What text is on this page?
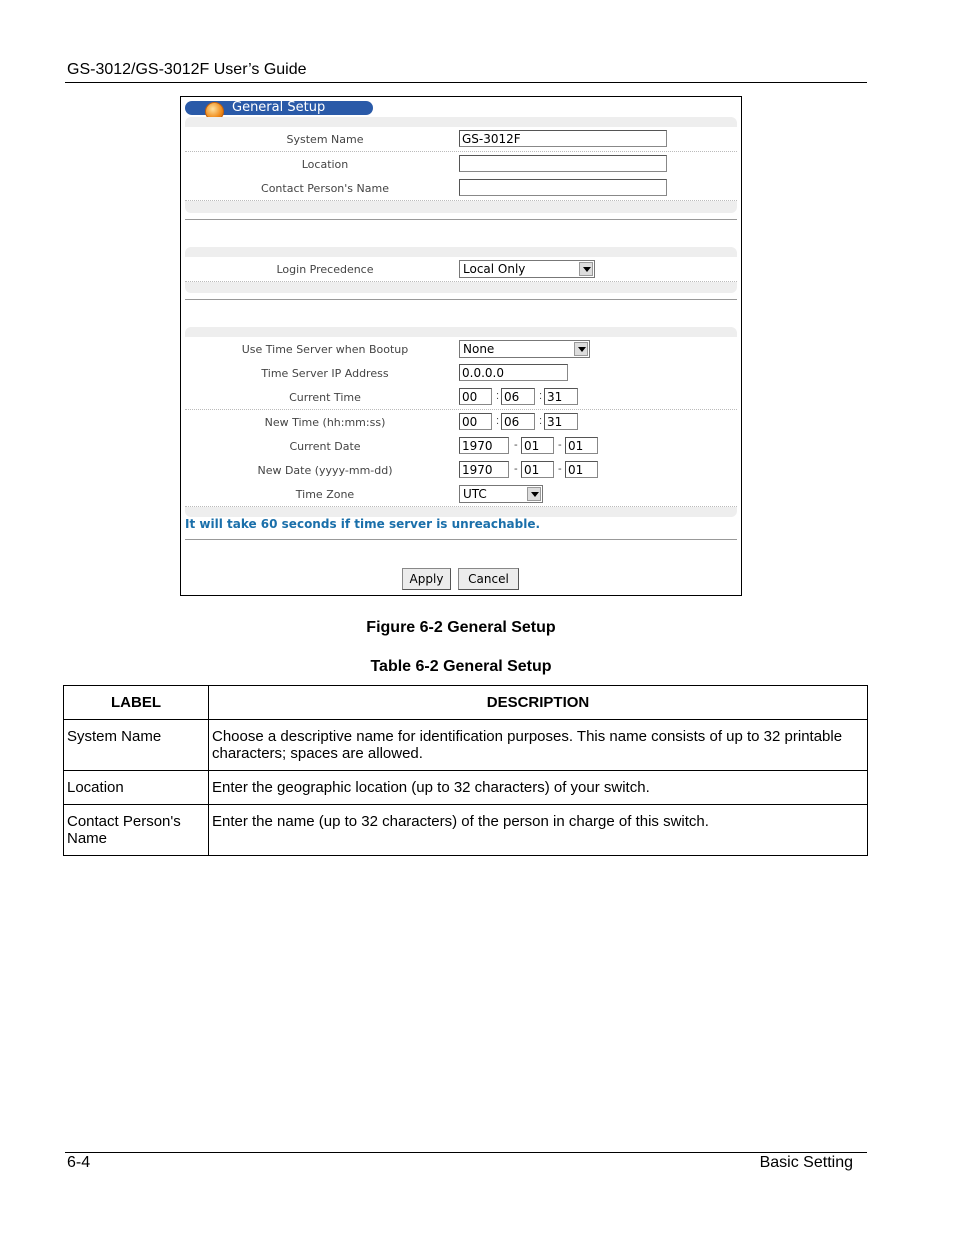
GS-3012/GS-3012F User’s Guide
General Setup
System Name	GS-3012F
Location
Contact Person's Name
Login Precedence	Local Only
Use Time Server when Bootup	None
Time Server IP Address	0.0.0.0
Current Time	00	: 06	: 31
New Time (hh:mm:ss)	00	: 06	: 31
Current Date	1970	- 01	- 01
New Date (yyyy-mm-dd)	1970	- 01	- 01
Time Zone	UTC
It will take 60 seconds if time server is unreachable.
Apply	Cancel
Figure 6-2 General Setup
Table 6-2 General Setup
LABEL	DESCRIPTION
System Name	Choose a descriptive name for identification purposes. This name consists of up to 32 printable characters; spaces are allowed.
Location	Enter the geographic location (up to 32 characters) of your switch.
Contact Person's Name	Enter the name (up to 32 characters) of the person in charge of this switch.
6-4	Basic Setting
